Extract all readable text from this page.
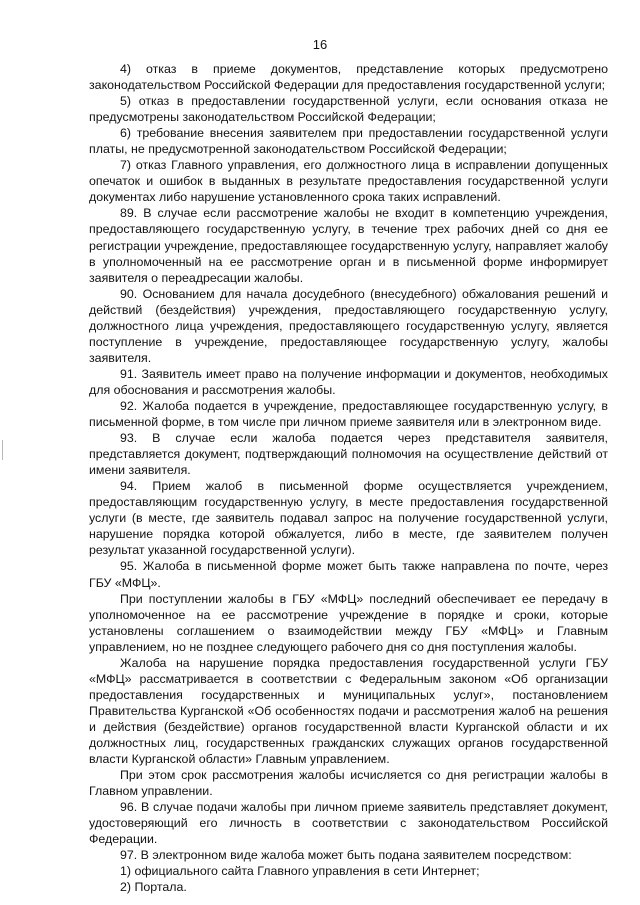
16

4) отказ в приеме документов, представление которых предусмотрено законодательством Российской Федерации для предоставления государственной услуги;

5) отказ в предоставлении государственной услуги, если основания отказа не предусмотрены законодательством Российской Федерации;

6) требование внесения заявителем при предоставлении государственной услуги платы, не предусмотренной законодательством Российской Федерации;

7) отказ Главного управления, его должностного лица в исправлении допущенных опечаток и ошибок в выданных в результате предоставления государственной услуги документах либо нарушение установленного срока таких исправлений.

89. В случае если рассмотрение жалобы не входит в компетенцию учреждения, предоставляющего государственную услугу, в течение трех рабочих дней со дня ее регистрации учреждение, предоставляющее государственную услугу, направляет жалобу в уполномоченный на ее рассмотрение орган и в письменной форме информирует заявителя о переадресации жалобы.

90. Основанием для начала досудебного (внесудебного) обжалования решений и действий (бездействия) учреждения, предоставляющего государственную услугу, должностного лица учреждения, предоставляющего государственную услугу, является поступление в учреждение, предоставляющее государственную услугу, жалобы заявителя.

91. Заявитель имеет право на получение информации и документов, необходимых для обоснования и рассмотрения жалобы.

92. Жалоба подается в учреждение, предоставляющее государственную услугу, в письменной форме, в том числе при личном приеме заявителя или в электронном виде.

93. В случае если жалоба подается через представителя заявителя, представляется документ, подтверждающий полномочия на осуществление действий от имени заявителя.

94. Прием жалоб в письменной форме осуществляется учреждением, предоставляющим государственную услугу, в месте предоставления государственной услуги (в месте, где заявитель подавал запрос на получение государственной услуги, нарушение порядка которой обжалуется, либо в месте, где заявителем получен результат указанной государственной услуги).

95. Жалоба в письменной форме может быть также направлена по почте, через ГБУ «МФЦ».

При поступлении жалобы в ГБУ «МФЦ» последний обеспечивает ее передачу в уполномоченное на ее рассмотрение учреждение в порядке и сроки, которые установлены соглашением о взаимодействии между ГБУ «МФЦ» и Главным управлением, но не позднее следующего рабочего дня со дня поступления жалобы.

Жалоба на нарушение порядка предоставления государственной услуги ГБУ «МФЦ» рассматривается в соответствии с Федеральным законом «Об организации предоставления государственных и муниципальных услуг», постановлением Правительства Курганской «Об особенностях подачи и рассмотрения жалоб на решения и действия (бездействие) органов государственной власти Курганской области и их должностных лиц, государственных гражданских служащих органов государственной власти Курганской области» Главным управлением.

При этом срок рассмотрения жалобы исчисляется со дня регистрации жалобы в Главном управлении.

96. В случае подачи жалобы при личном приеме заявитель представляет документ, удостоверяющий его личность в соответствии с законодательством Российской Федерации.

97. В электронном виде жалоба может быть подана заявителем посредством:

1) официального сайта Главного управления в сети Интернет;

2) Портала.
